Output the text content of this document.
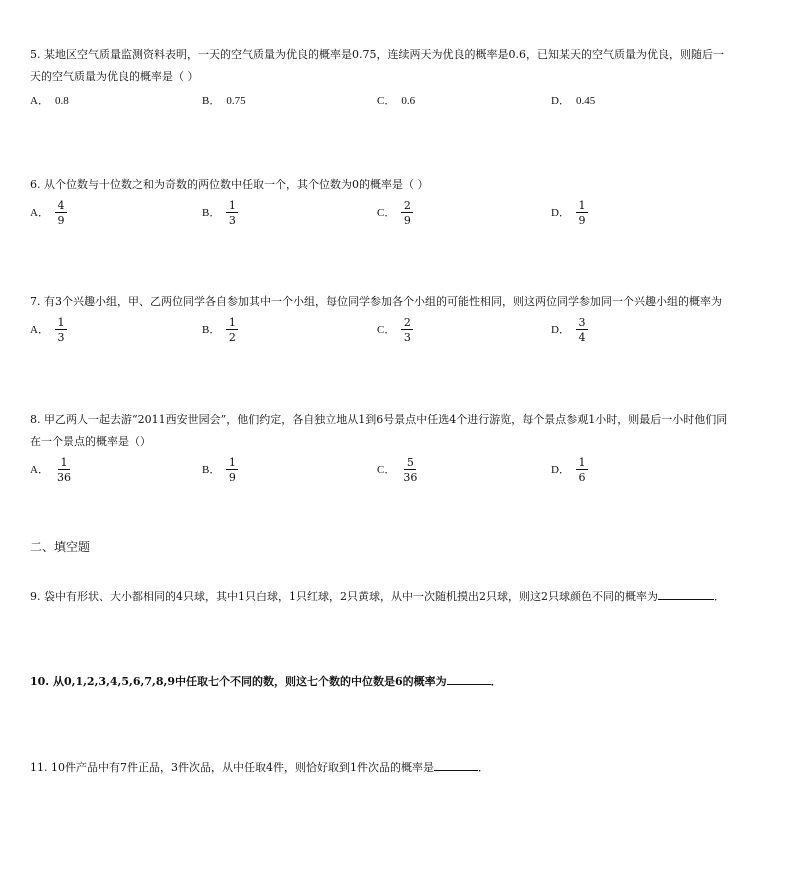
5. 某地区空气质量监测资料表明，一天的空气质量为优良的概率是0.75，连续两天为优良的概率是0.6，已知某天的空气质量为优良，则随后一
天的空气质量为优良的概率是（ ）
A． 0.8	B． 0.75	C． 0.6	D． 0.45
6. 从个位数与十位数之和为奇数的两位数中任取一个，其个位数为0的概率是（ ）
A． $\frac{4}{9}$	B． $\frac{1}{3}$	C． $\frac{2}{9}$	D． $\frac{1}{9}$
7. 有3个兴趣小组，甲、乙两位同学各自参加其中一个小组，每位同学参加各个小组的可能性相同，则这两位同学参加同一个兴趣小组的概率为
A． $\frac{1}{3}$	B． $\frac{1}{2}$	C． $\frac{2}{3}$	D． $\frac{3}{4}$
8. 甲乙两人一起去游“2011西安世园会”，他们约定，各自独立地从1到6号景点中任选4个进行游览，每个景点参观1小时，则最后一小时他们同
在一个景点的概率是（）
A． $\frac{1}{36}$	B． $\frac{1}{9}$	C． $\frac{5}{36}$	D． $\frac{1}{6}$
二、填空题
9. 袋中有形状、大小都相同的4只球，其中1只白球，1只红球，2只黄球，从中一次随机摸出2只球，则这2只球颜色不同的概率为	．
10. 从0,1,2,3,4,5,6,7,8,9中任取七个不同的数，则这七个数的中位数是6的概率为	．
11. 10件产品中有7件正品，3件次品，从中任取4件，则恰好取到1件次品的概率是	．
